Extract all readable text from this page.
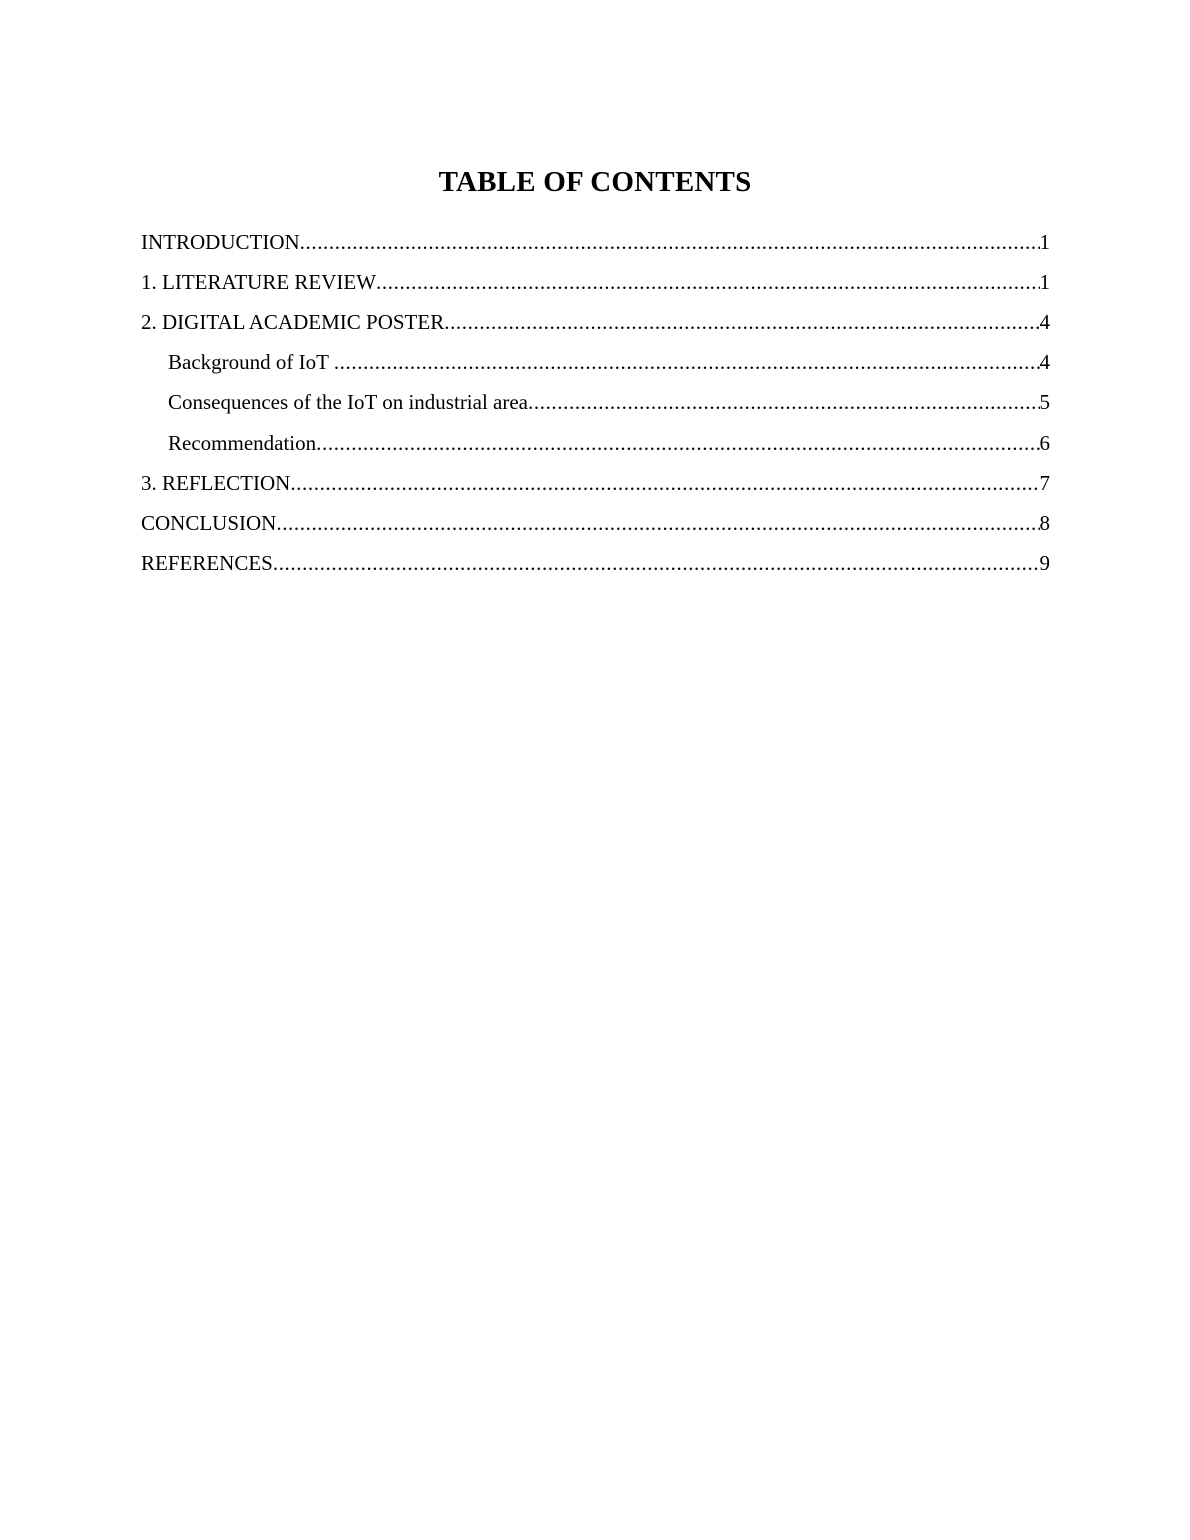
TABLE OF CONTENTS
INTRODUCTION .....	1
1. LITERATURE REVIEW .....	1
2. DIGITAL ACADEMIC POSTER .....	4
Background of IoT .....	4
Consequences of the IoT on industrial area .....	5
Recommendation .....	6
3. REFLECTION .....	7
CONCLUSION .....	8
REFERENCES .....	9
